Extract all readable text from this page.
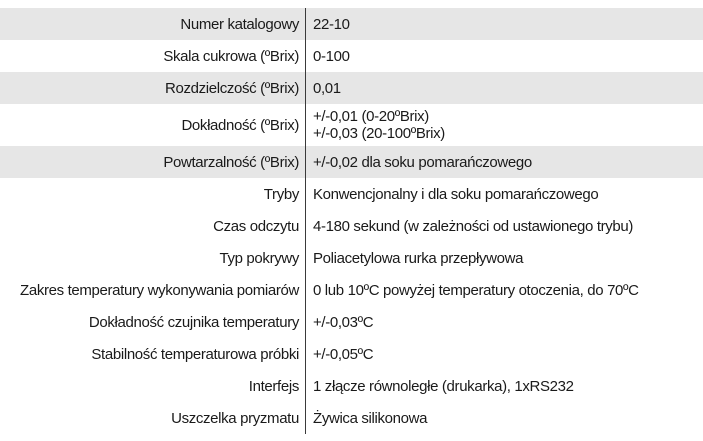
Numer katalogowy 22-10
Skala cukrowa (ºBrix) 0-100
Rozdzielczość (ºBrix) 0,01
Dokładność (ºBrix) +/-0,01 (0-20ºBrix)
+/-0,03 (20-100ºBrix)
Powtarzalność (ºBrix) +/-0,02 dla soku pomarańczowego
Tryby Konwencjonalny i dla soku pomarańczowego
Czas odczytu 4-180 sekund (w zależności od ustawionego trybu)
Typ pokrywy Poliacetylowa rurka przepływowa
Zakres temperatury wykonywania pomiarów 0 lub 10ºC powyżej temperatury otoczenia, do 70ºC
Dokładność czujnika temperatury +/-0,03ºC
Stabilność temperaturowa próbki +/-0,05ºC
Interfejs 1 złącze równoległe (drukarka), 1xRS232
Uszczelka pryzmatu Żywica silikonowa
